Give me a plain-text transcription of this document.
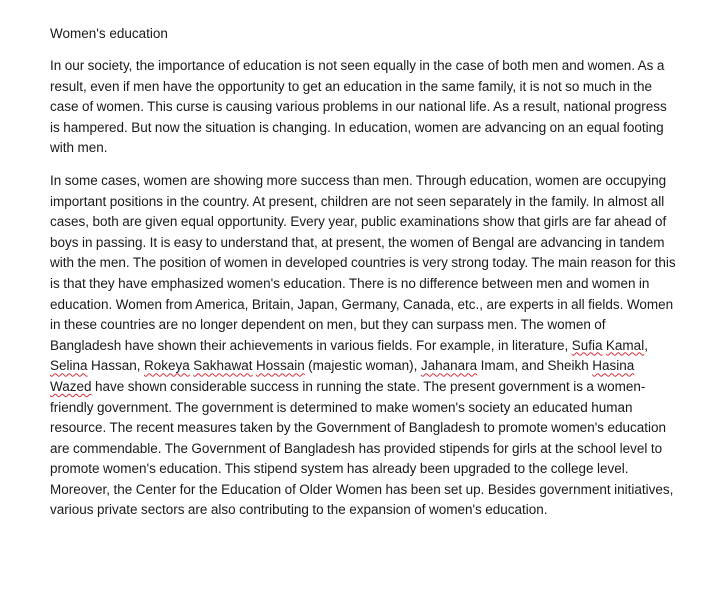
Women's education

In our society, the importance of education is not seen equally in the case of both men and women. As a result, even if men have the opportunity to get an education in the same family, it is not so much in the case of women. This curse is causing various problems in our national life. As a result, national progress is hampered. But now the situation is changing. In education, women are advancing on an equal footing with men.

In some cases, women are showing more success than men. Through education, women are occupying important positions in the country. At present, children are not seen separately in the family. In almost all cases, both are given equal opportunity. Every year, public examinations show that girls are far ahead of boys in passing. It is easy to understand that, at present, the women of Bengal are advancing in tandem with the men. The position of women in developed countries is very strong today. The main reason for this is that they have emphasized women's education. There is no difference between men and women in education. Women from America, Britain, Japan, Germany, Canada, etc., are experts in all fields. Women in these countries are no longer dependent on men, but they can surpass men. The women of Bangladesh have shown their achievements in various fields. For example, in literature, Sufia Kamal, Selina Hassan, Rokeya Sakhawat Hossain (majestic woman), Jahanara Imam, and Sheikh Hasina Wazed have shown considerable success in running the state. The present government is a women-friendly government. The government is determined to make women's society an educated human resource. The recent measures taken by the Government of Bangladesh to promote women's education are commendable. The Government of Bangladesh has provided stipends for girls at the school level to promote women's education. This stipend system has already been upgraded to the college level. Moreover, the Center for the Education of Older Women has been set up. Besides government initiatives, various private sectors are also contributing to the expansion of women's education.
